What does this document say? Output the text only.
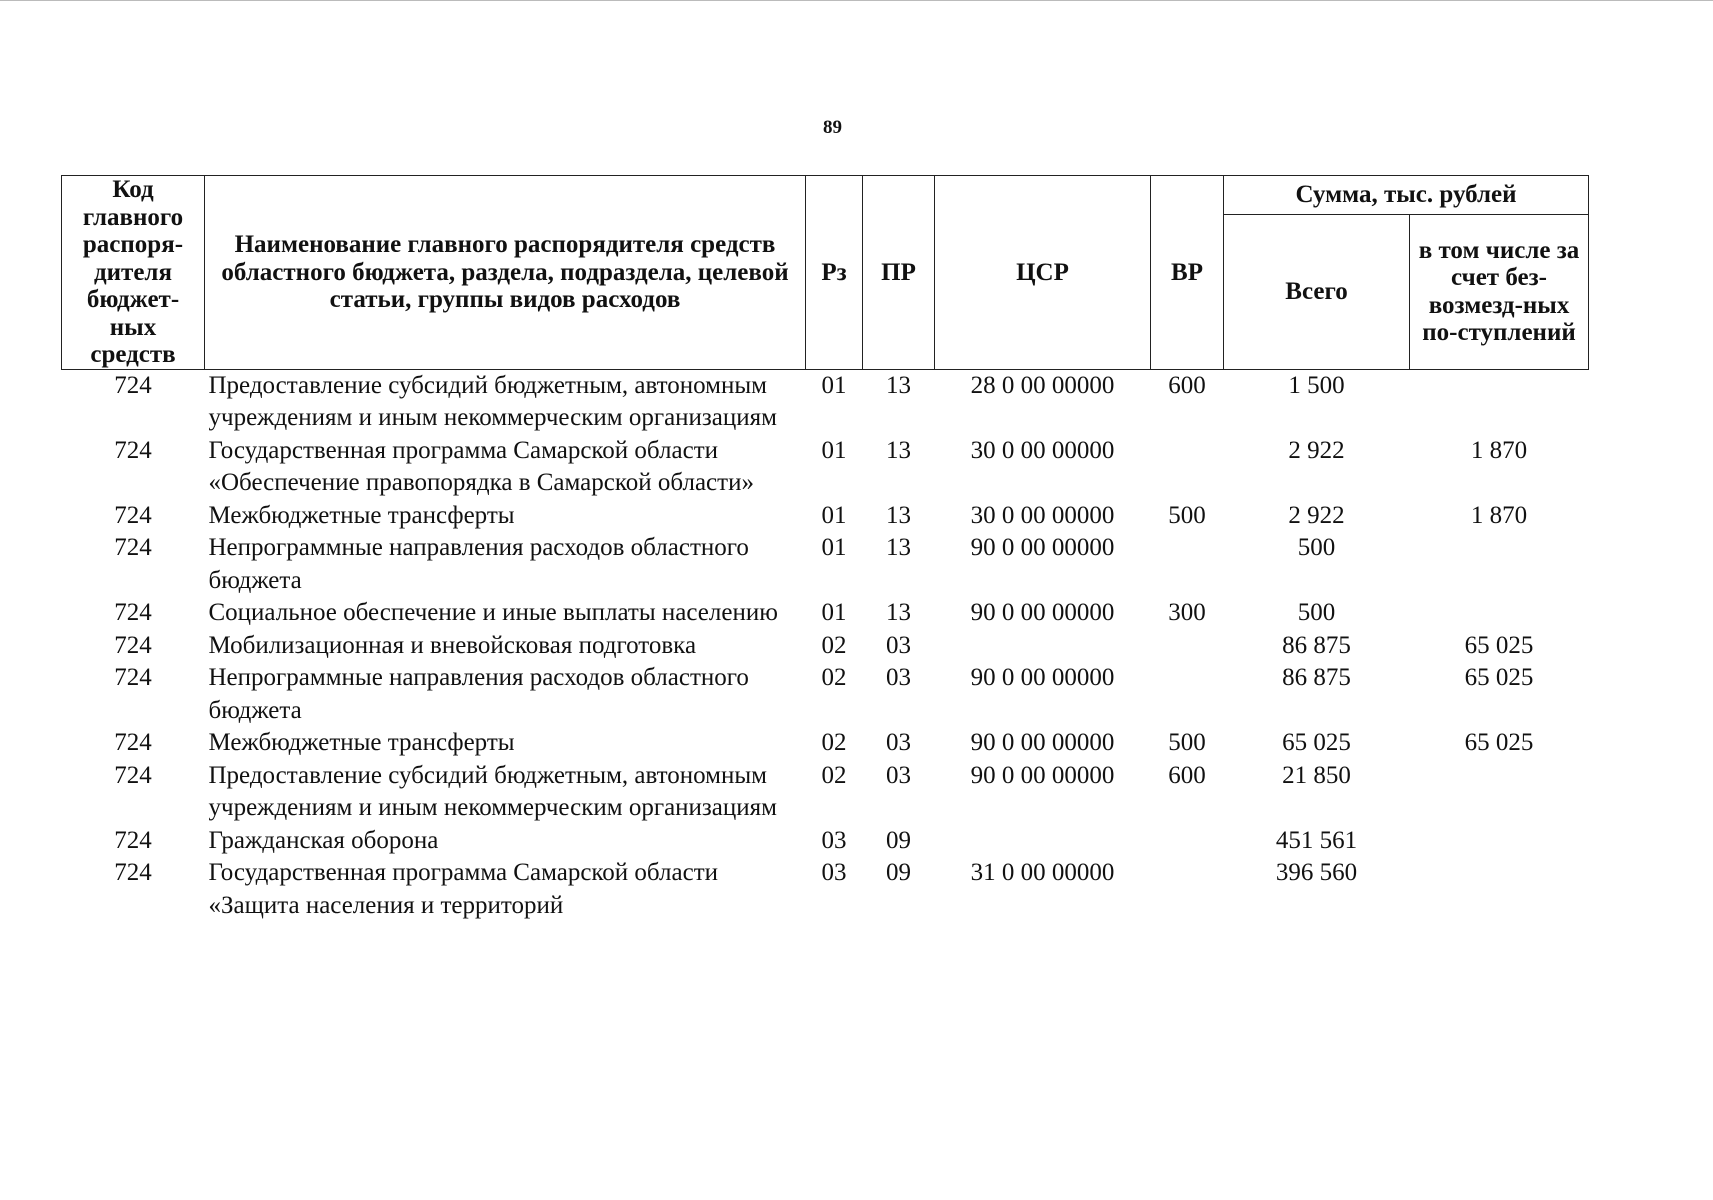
89
Код главного распоря-дителя бюджет-ных средств	Наименование главного распорядителя средств областного бюджета, раздела, подраздела, целевой статьи, группы видов расходов	Рз	ПР	ЦСР	ВР	Сумма, тыс. рублей	
						Всего	в том числе за счет без-возмезд-ных по-ступлений
724	Предоставление субсидий бюджетным, автономным учреждениям и иным некоммерческим организациям	01	13	28 0 00 00000	600	1 500	
724	Государственная программа Самарской области «Обеспечение правопорядка в Самарской области»	01	13	30 0 00 00000		2 922	1 870
724	Межбюджетные трансферты	01	13	30 0 00 00000	500	2 922	1 870
724	Непрограммные направления расходов областного бюджета	01	13	90 0 00 00000		500	
724	Социальное обеспечение и иные выплаты населению	01	13	90 0 00 00000	300	500	
724	Мобилизационная и вневойсковая подготовка	02	03			86 875	65 025
724	Непрограммные направления расходов областного бюджета	02	03	90 0 00 00000		86 875	65 025
724	Межбюджетные трансферты	02	03	90 0 00 00000	500	65 025	65 025
724	Предоставление субсидий бюджетным, автономным учреждениям и иным некоммерческим организациям	02	03	90 0 00 00000	600	21 850	
724	Гражданская оборона	03	09			451 561	
724	Государственная программа Самарской области «Защита населения и территорий	03	09	31 0 00 00000		396 560	
